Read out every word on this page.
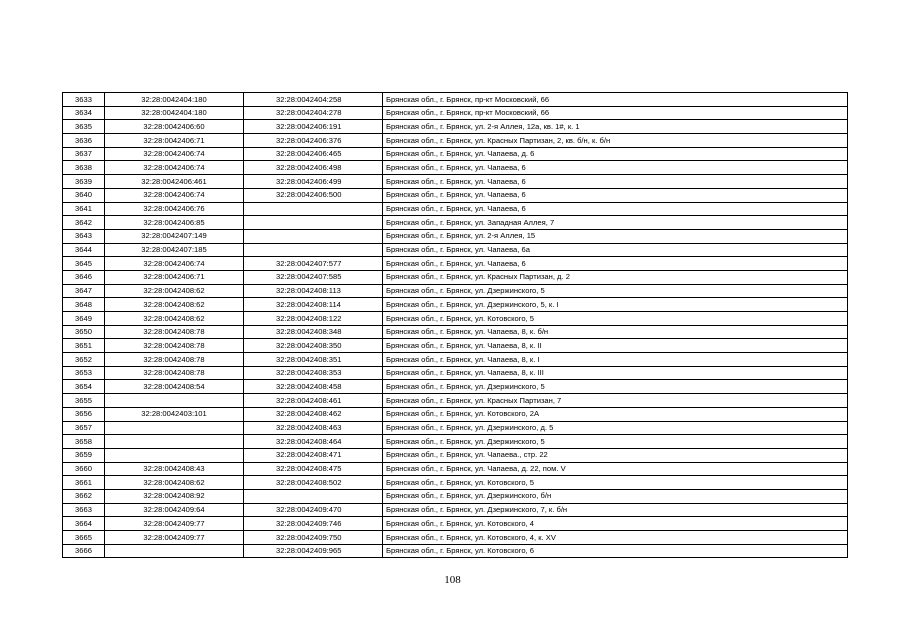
3633	32:28:0042404:180	32:28:0042404:258	Брянская обл., г. Брянск, пр-кт Московский, 66
3634	32:28:0042404:180	32:28:0042404:278	Брянская обл., г. Брянск, пр-кт Московский, 66
3635	32:28:0042406:60	32:28:0042406:191	Брянская обл., г. Брянск, ул. 2-я Аллея, 12а, кв. 1#, к. 1
3636	32:28:0042406:71	32:28:0042406:376	Брянская обл., г. Брянск, ул. Красных Партизан, 2, кв. б/н, к. б/н
3637	32:28:0042406:74	32:28:0042406:465	Брянская обл., г. Брянск, ул. Чапаева, д. 6
3638	32:28:0042406:74	32:28:0042406:498	Брянская обл., г. Брянск, ул. Чапаева, 6
3639	32:28:0042406:461	32:28:0042406:499	Брянская обл., г. Брянск, ул. Чапаева, 6
3640	32:28:0042406:74	32:28:0042406:500	Брянская обл., г. Брянск, ул. Чапаева, 6
3641	32:28:0042406:76		Брянская обл., г. Брянск, ул. Чапаева, 6
3642	32:28:0042406:85		Брянская обл., г. Брянск, ул. Западная Аллея, 7
3643	32:28:0042407:149		Брянская обл., г. Брянск, ул. 2-я Аллея, 15
3644	32:28:0042407:185		Брянская обл., г. Брянск, ул. Чапаева, 6а
3645	32:28:0042406:74	32:28:0042407:577	Брянская обл., г. Брянск, ул. Чапаева, 6
3646	32:28:0042406:71	32:28:0042407:585	Брянская обл., г. Брянск, ул. Красных Партизан, д. 2
3647	32:28:0042408:62	32:28:0042408:113	Брянская обл., г. Брянск, ул. Дзержинского, 5
3648	32:28:0042408:62	32:28:0042408:114	Брянская обл., г. Брянск, ул. Дзержинского, 5, к. I
3649	32:28:0042408:62	32:28:0042408:122	Брянская обл., г. Брянск, ул. Котовского, 5
3650	32:28:0042408:78	32:28:0042408:348	Брянская обл., г. Брянск, ул. Чапаева, 8, к. б/н
3651	32:28:0042408:78	32:28:0042408:350	Брянская обл., г. Брянск, ул. Чапаева, 8, к. II
3652	32:28:0042408:78	32:28:0042408:351	Брянская обл., г. Брянск, ул. Чапаева, 8, к. I
3653	32:28:0042408:78	32:28:0042408:353	Брянская обл., г. Брянск, ул. Чапаева, 8, к. III
3654	32:28:0042408:54	32:28:0042408:458	Брянская обл., г. Брянск, ул. Дзержинского, 5
3655		32:28:0042408:461	Брянская обл., г. Брянск, ул. Красных Партизан, 7
3656	32:28:0042403:101	32:28:0042408:462	Брянская обл., г. Брянск, ул. Котовского, 2А
3657		32:28:0042408:463	Брянская обл., г. Брянск, ул. Дзержинского, д. 5
3658		32:28:0042408:464	Брянская обл., г. Брянск, ул. Дзержинского, 5
3659		32:28:0042408:471	Брянская обл., г. Брянск, ул. Чапаева., стр. 22
3660	32:28:0042408:43	32:28:0042408:475	Брянская обл., г. Брянск, ул. Чапаева, д. 22, пом. V
3661	32:28:0042408:62	32:28:0042408:502	Брянская обл., г. Брянск, ул. Котовского, 5
3662	32:28:0042408:92		Брянская обл., г. Брянск, ул. Дзержинского, б/н
3663	32:28:0042409:64	32:28:0042409:470	Брянская обл., г. Брянск, ул. Дзержинского, 7, к. б/н
3664	32:28:0042409:77	32:28:0042409:746	Брянская обл., г. Брянск, ул. Котовского, 4
3665	32:28:0042409:77	32:28:0042409:750	Брянская обл., г. Брянск, ул. Котовского, 4, к. XV
3666		32:28:0042409:965	Брянская обл., г. Брянск, ул. Котовского, 6
108
